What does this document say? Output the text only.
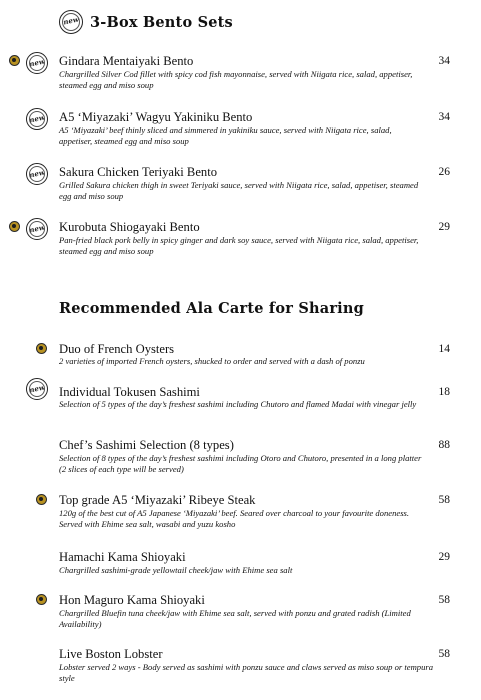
new 3-Box Bento Sets
new Gindara Mentaiyaki Bento
Chargrilled Silver Cod fillet with spicy cod fish mayonnaise, served with Niigata rice, salad, appetiser, steamed egg and miso soup
34
new A5 ‘Miyazaki’ Wagyu Yakiniku Bento
A5 ‘Miyazaki’ beef thinly sliced and simmered in yakiniku sauce, served with Niigata rice, salad, appetiser, steamed egg and miso soup
34
new Sakura Chicken Teriyaki Bento
Grilled Sakura chicken thigh in sweet Teriyaki sauce, served with Niigata rice, salad, appetiser, steamed egg and miso soup
26
new Kurobuta Shiogayaki Bento
Pan-fried black pork belly in spicy ginger and dark soy sauce, served with Niigata rice, salad, appetiser, steamed egg and miso soup
29
Recommended Ala Carte for Sharing
Duo of French Oysters
2 varieties of imported French oysters, shucked to order and served with a dash of ponzu
14
new Individual Tokusen Sashimi
Selection of 5 types of the day’s freshest sashimi including Chutoro and flamed Madai with vinegar jelly
18
Chef’s Sashimi Selection (8 types)
Selection of 8 types of the day’s freshest sashimi including Otoro and Chutoro, presented in a long platter (2 slices of each type will be served)
88
Top grade A5 ‘Miyazaki’ Ribeye Steak
120g of the best cut of A5 Japanese ‘Miyazaki’ beef. Seared over charcoal to your favourite doneness. Served with Ehime sea salt, wasabi and yuzu kosho
58
Hamachi Kama Shioyaki
Chargrilled sashimi-grade yellowtail cheek/jaw with Ehime sea salt
29
Hon Maguro Kama Shioyaki
Chargrilled Bluefin tuna cheek/jaw with Ehime sea salt, served with ponzu and grated radish (Limited Availability)
58
Live Boston Lobster
Lobster served 2 ways - Body served as sashimi with ponzu sauce and claws served as miso soup or tempura style
58
